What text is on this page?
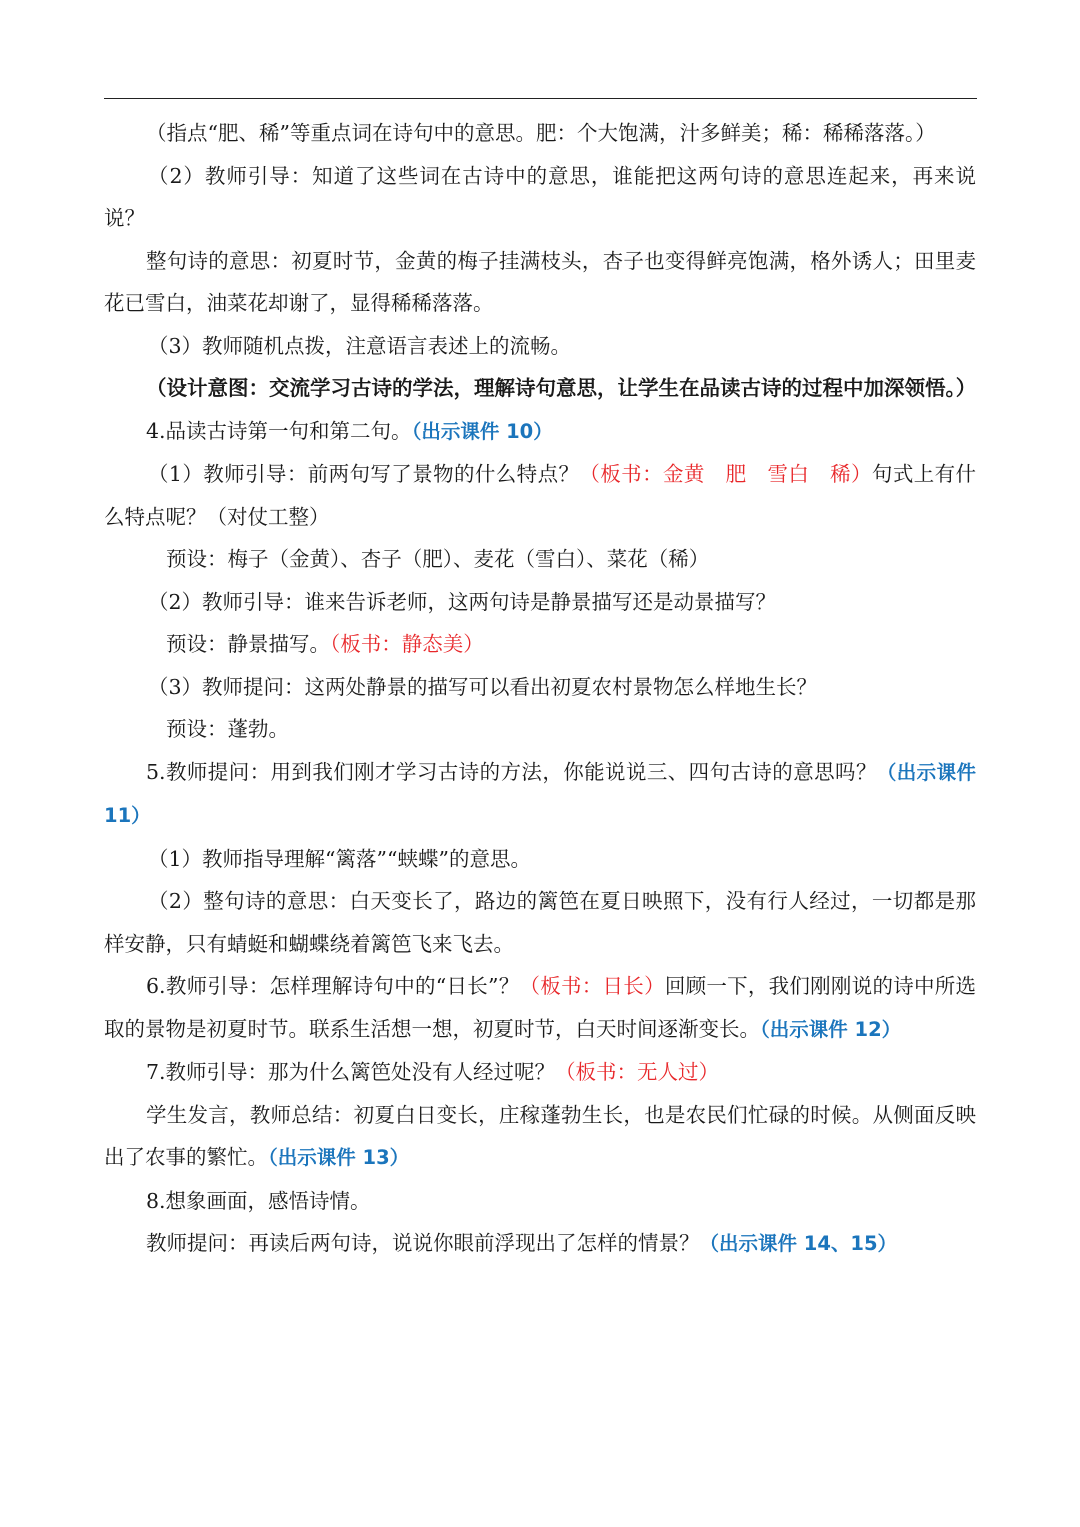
（指点“肥、稀”等重点词在诗句中的意思。肥：个大饱满，汁多鲜美；稀：稀稀落落。）

（2）教师引导：知道了这些词在古诗中的意思，谁能把这两句诗的意思连起来，再来说说？

整句诗的意思：初夏时节，金黄的梅子挂满枝头，杏子也变得鲜亮饱满，格外诱人；田里麦花已雪白，油菜花却谢了，显得稀稀落落。

（3）教师随机点拨，注意语言表述上的流畅。

（设计意图：交流学习古诗的学法，理解诗句意思，让学生在品读古诗的过程中加深领悟。）

4.品读古诗第一句和第二句。（出示课件 10）

（1）教师引导：前两句写了景物的什么特点？（板书：金黄　肥　雪白　稀）句式上有什么特点呢？（对仗工整）

预设：梅子（金黄）、杏子（肥）、麦花（雪白）、菜花（稀）

（2）教师引导：谁来告诉老师，这两句诗是静景描写还是动景描写？

预设：静景描写。（板书：静态美）

（3）教师提问：这两处静景的描写可以看出初夏农村景物怎么样地生长？

预设：蓬勃。

5.教师提问：用到我们刚才学习古诗的方法，你能说说三、四句古诗的意思吗？（出示课件 11）

（1）教师指导理解“篱落”“蛱蝶”的意思。

（2）整句诗的意思：白天变长了，路边的篱笆在夏日映照下，没有行人经过，一切都是那样安静，只有蜻蜓和蝴蝶绕着篱笆飞来飞去。

6.教师引导：怎样理解诗句中的“日长”？（板书：日长）回顾一下，我们刚刚说的诗中所选取的景物是初夏时节。联系生活想一想，初夏时节，白天时间逐渐变长。（出示课件 12）

7.教师引导：那为什么篱笆处没有人经过呢？（板书：无人过）

学生发言，教师总结：初夏白日变长，庄稼蓬勃生长，也是农民们忙碌的时候。从侧面反映出了农事的繁忙。（出示课件 13）

8.想象画面，感悟诗情。

教师提问：再读后两句诗，说说你眼前浮现出了怎样的情景？（出示课件 14、15）
